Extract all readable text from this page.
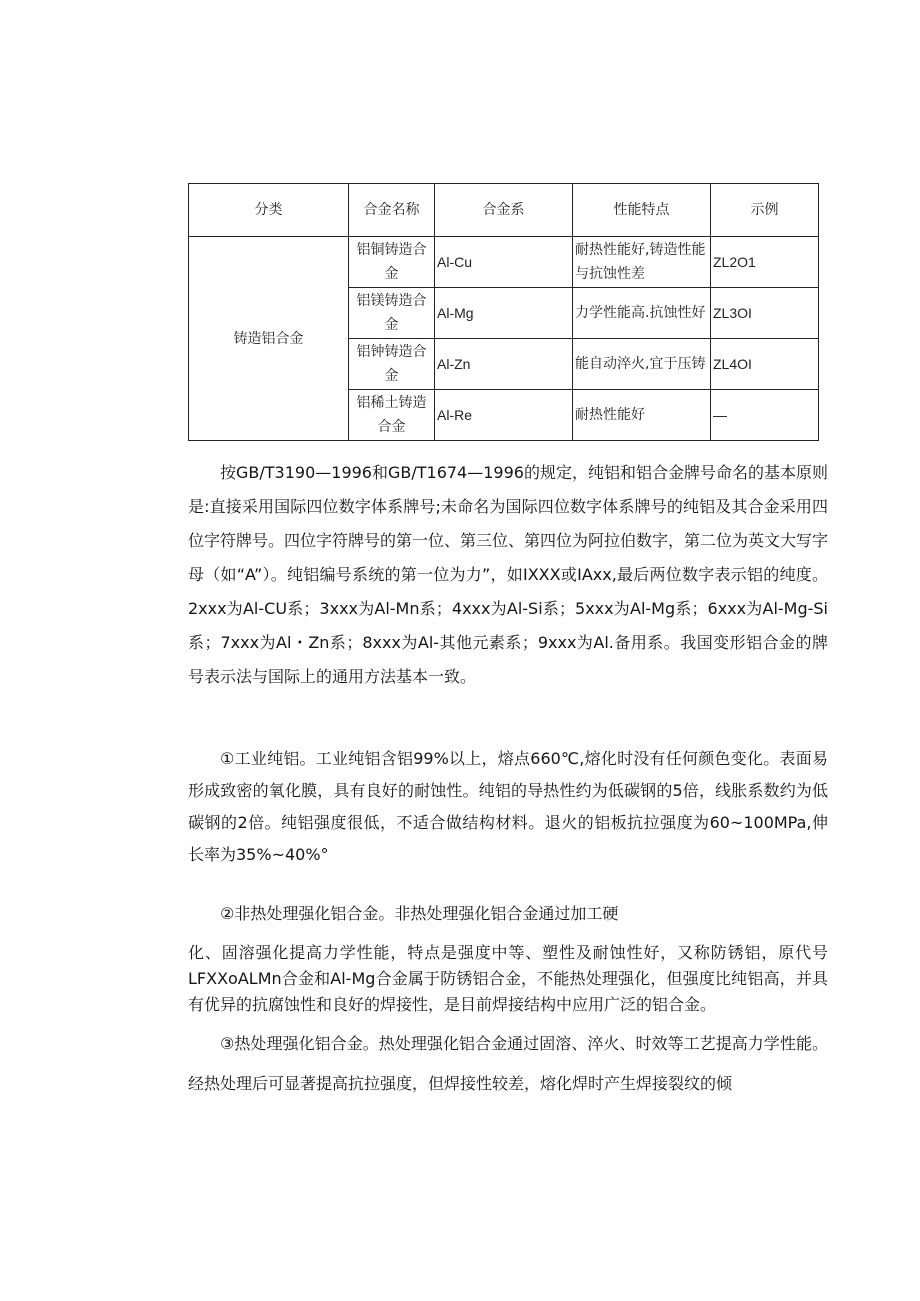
分类	合金名称	合金系	性能特点	示例
铸造铝合金	铝铜铸造合金	Al-Cu	耐热性能好,铸造性能与抗蚀性差	ZL2O1
	铝镁铸造合金	Al-Mg	力学性能高.抗蚀性好	ZL3OI
	铝钟铸造合金	Al-Zn	能自动淬火,宜于压铸	ZL4OI
	铝稀土铸造合金	Al-Re	耐热性能好	—

按GB/T3190—1996和GB/T1674—1996的规定，纯铝和铝合金牌号命名的基本原则是:直接采用国际四位数字体系牌号;未命名为国际四位数字体系牌号的纯铝及其合金采用四位字符牌号。四位字符牌号的第一位、第三位、第四位为阿拉伯数字，第二位为英文大写字母（如“A”）。纯铝编号系统的第一位为力”，如IXXX或IAxx,最后两位数字表示铝的纯度。2xxx为Al-CU系；3xxx为Al-Mn系；4xxx为Al-Si系；5xxx为Al-Mg系；6xxx为Al-Mg-Si系；7xxx为Al・Zn系；8xxx为Al-其他元素系；9xxx为Al.备用系。我国变形铝合金的牌号表示法与国际上的通用方法基本一致。

①工业纯铝。工业纯铝含铝99%以上，熔点660℃,熔化时没有任何颜色变化。表面易形成致密的氧化膜，具有良好的耐蚀性。纯铝的导热性约为低碳钢的5倍，线胀系数约为低碳钢的2倍。纯铝强度很低，不适合做结构材料。退火的铝板抗拉强度为60~100MPa,伸长率为35%~40%°

②非热处理强化铝合金。非热处理强化铝合金通过加工硬

化、固溶强化提高力学性能，特点是强度中等、塑性及耐蚀性好，又称防锈铝，原代号LFXXoALMn合金和Al-Mg合金属于防锈铝合金，不能热处理强化，但强度比纯铝高，并具有优异的抗腐蚀性和良好的焊接性，是目前焊接结构中应用广泛的铝合金。

③热处理强化铝合金。热处理强化铝合金通过固溶、淬火、时效等工艺提高力学性能。经热处理后可显著提高抗拉强度，但焊接性较差，熔化焊时产生焊接裂纹的倾
